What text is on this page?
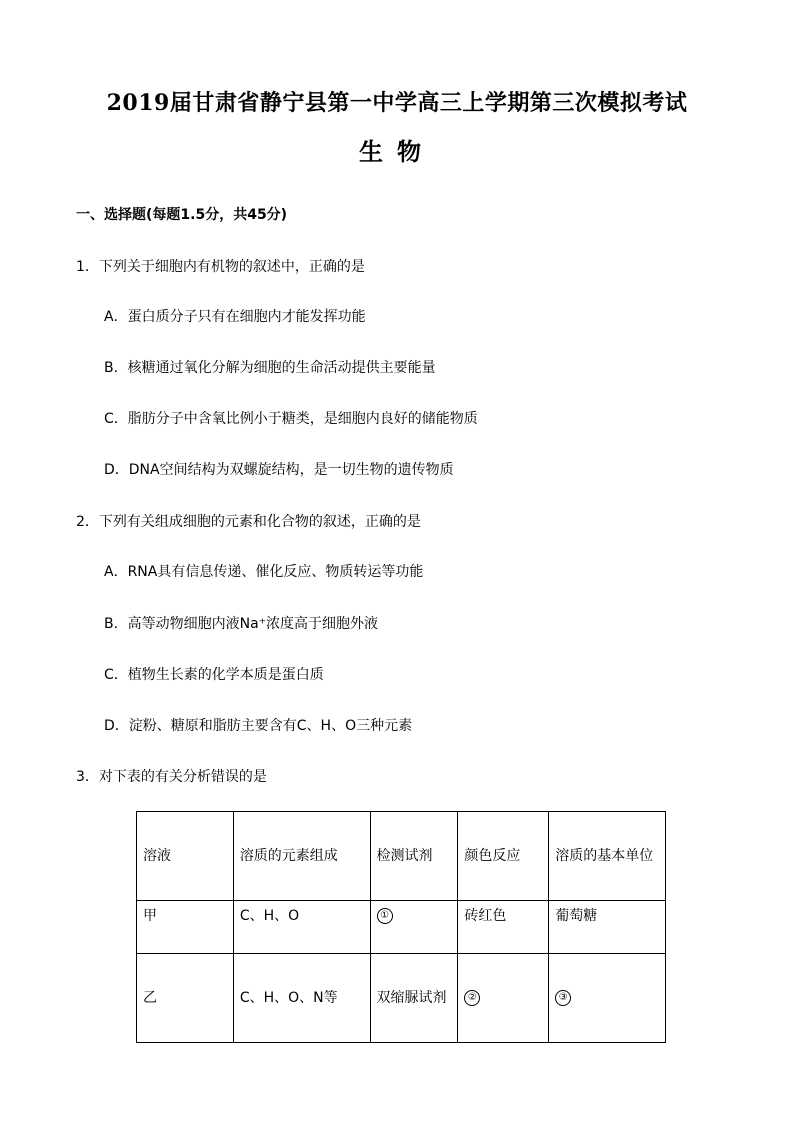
2019届甘肃省静宁县第一中学高三上学期第三次模拟考试
生物
一、选择题(每题1.5分，共45分)
1．下列关于细胞内有机物的叙述中，正确的是
A．蛋白质分子只有在细胞内才能发挥功能
B．核糖通过氧化分解为细胞的生命活动提供主要能量
C．脂肪分子中含氧比例小于糖类，是细胞内良好的储能物质
D．DNA空间结构为双螺旋结构，是一切生物的遗传物质
2．下列有关组成细胞的元素和化合物的叙述，正确的是
A．RNA具有信息传递、催化反应、物质转运等功能
B．高等动物细胞内液Na⁺浓度高于细胞外液
C．植物生长素的化学本质是蛋白质
D．淀粉、糖原和脂肪主要含有C、H、O三种元素
3．对下表的有关分析错误的是
溶液	溶质的元素组成	检测试剂	颜色反应	溶质的基本单位
甲	C、H、O	①	砖红色	葡萄糖
乙	C、H、O、N等	双缩脲试剂	②	③
